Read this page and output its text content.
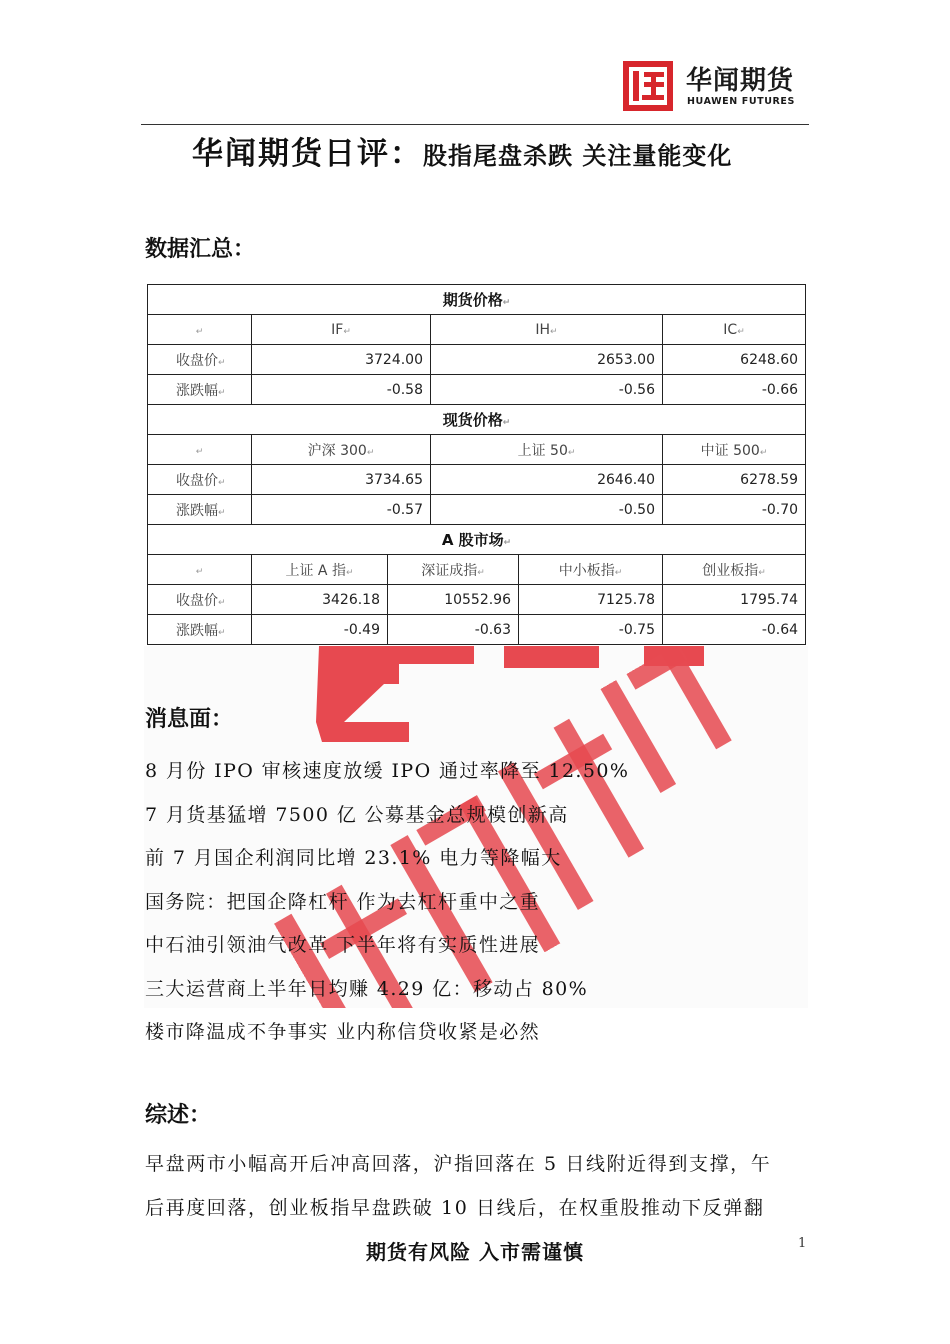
华闻期货
HUAWEN FUTURES
华闻期货日评：股指尾盘杀跌 关注量能变化
数据汇总：
期货价格↵					
↵	IF↵		IH↵		IC↵
收盘价↵	3724.00		2653.00		6248.60
涨跌幅↵	-0.58		-0.56		-0.66
现货价格↵					
↵	沪深 300↵		上证 50↵		中证 500↵
收盘价↵	3734.65		2646.40		6278.59
涨跌幅↵	-0.57		-0.50		-0.70
A 股市场↵					
↵	上证 A 指↵	深证成指↵		中小板指↵	创业板指↵
收盘价↵	3426.18	10552.96		7125.78	1795.74
涨跌幅↵	-0.49	-0.63		-0.75	-0.64
消息面：
8 月份 IPO 审核速度放缓 IPO 通过率降至 12.50%
7 月货基猛增 7500 亿 公募基金总规模创新高
前 7 月国企利润同比增 23.1% 电力等降幅大
国务院：把国企降杠杆 作为去杠杆重中之重
中石油引领油气改革 下半年将有实质性进展
三大运营商上半年日均赚 4.29 亿：移动占 80%
楼市降温成不争事实 业内称信贷收紧是必然
综述：
早盘两市小幅高开后冲高回落，沪指回落在 5 日线附近得到支撑，午
后再度回落，创业板指早盘跌破 10 日线后，在权重股推动下反弹翻
期货有风险 入市需谨慎	1
